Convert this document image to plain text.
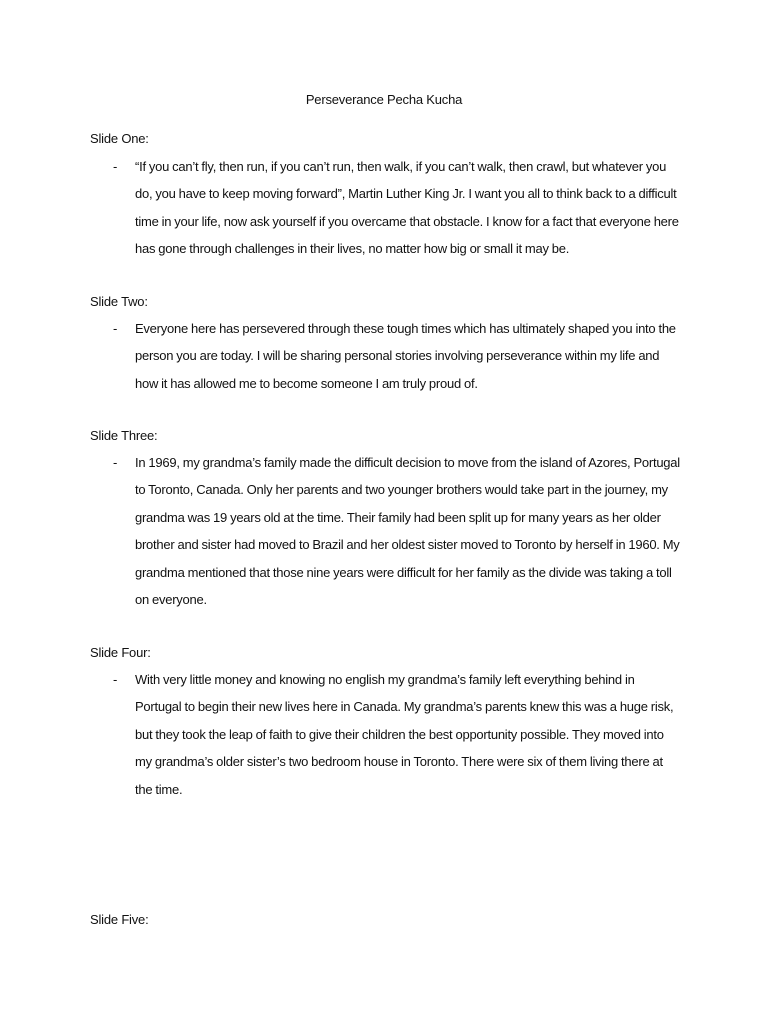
Perseverance Pecha Kucha
Slide One:
- “If you can’t fly, then run, if you can’t run, then walk, if you can’t walk, then crawl, but whatever you do, you have to keep moving forward”, Martin Luther King Jr. I want you all to think back to a difficult time in your life, now ask yourself if you overcame that obstacle. I know for a fact that everyone here has gone through challenges in their lives, no matter how big or small it may be.
Slide Two:
- Everyone here has persevered through these tough times which has ultimately shaped you into the person you are today. I will be sharing personal stories involving perseverance within my life and how it has allowed me to become someone I am truly proud of.
Slide Three:
- In 1969, my grandma’s family made the difficult decision to move from the island of Azores, Portugal to Toronto, Canada. Only her parents and two younger brothers would take part in the journey, my grandma was 19 years old at the time. Their family had been split up for many years as her older brother and sister had moved to Brazil and her oldest sister moved to Toronto by herself in 1960. My grandma mentioned that those nine years were difficult for her family as the divide was taking a toll on everyone.
Slide Four:
- With very little money and knowing no english my grandma’s family left everything behind in Portugal to begin their new lives here in Canada. My grandma’s parents knew this was a huge risk, but they took the leap of faith to give their children the best opportunity possible. They moved into my grandma’s older sister’s two bedroom house in Toronto. There were six of them living there at the time.
Slide Five:
